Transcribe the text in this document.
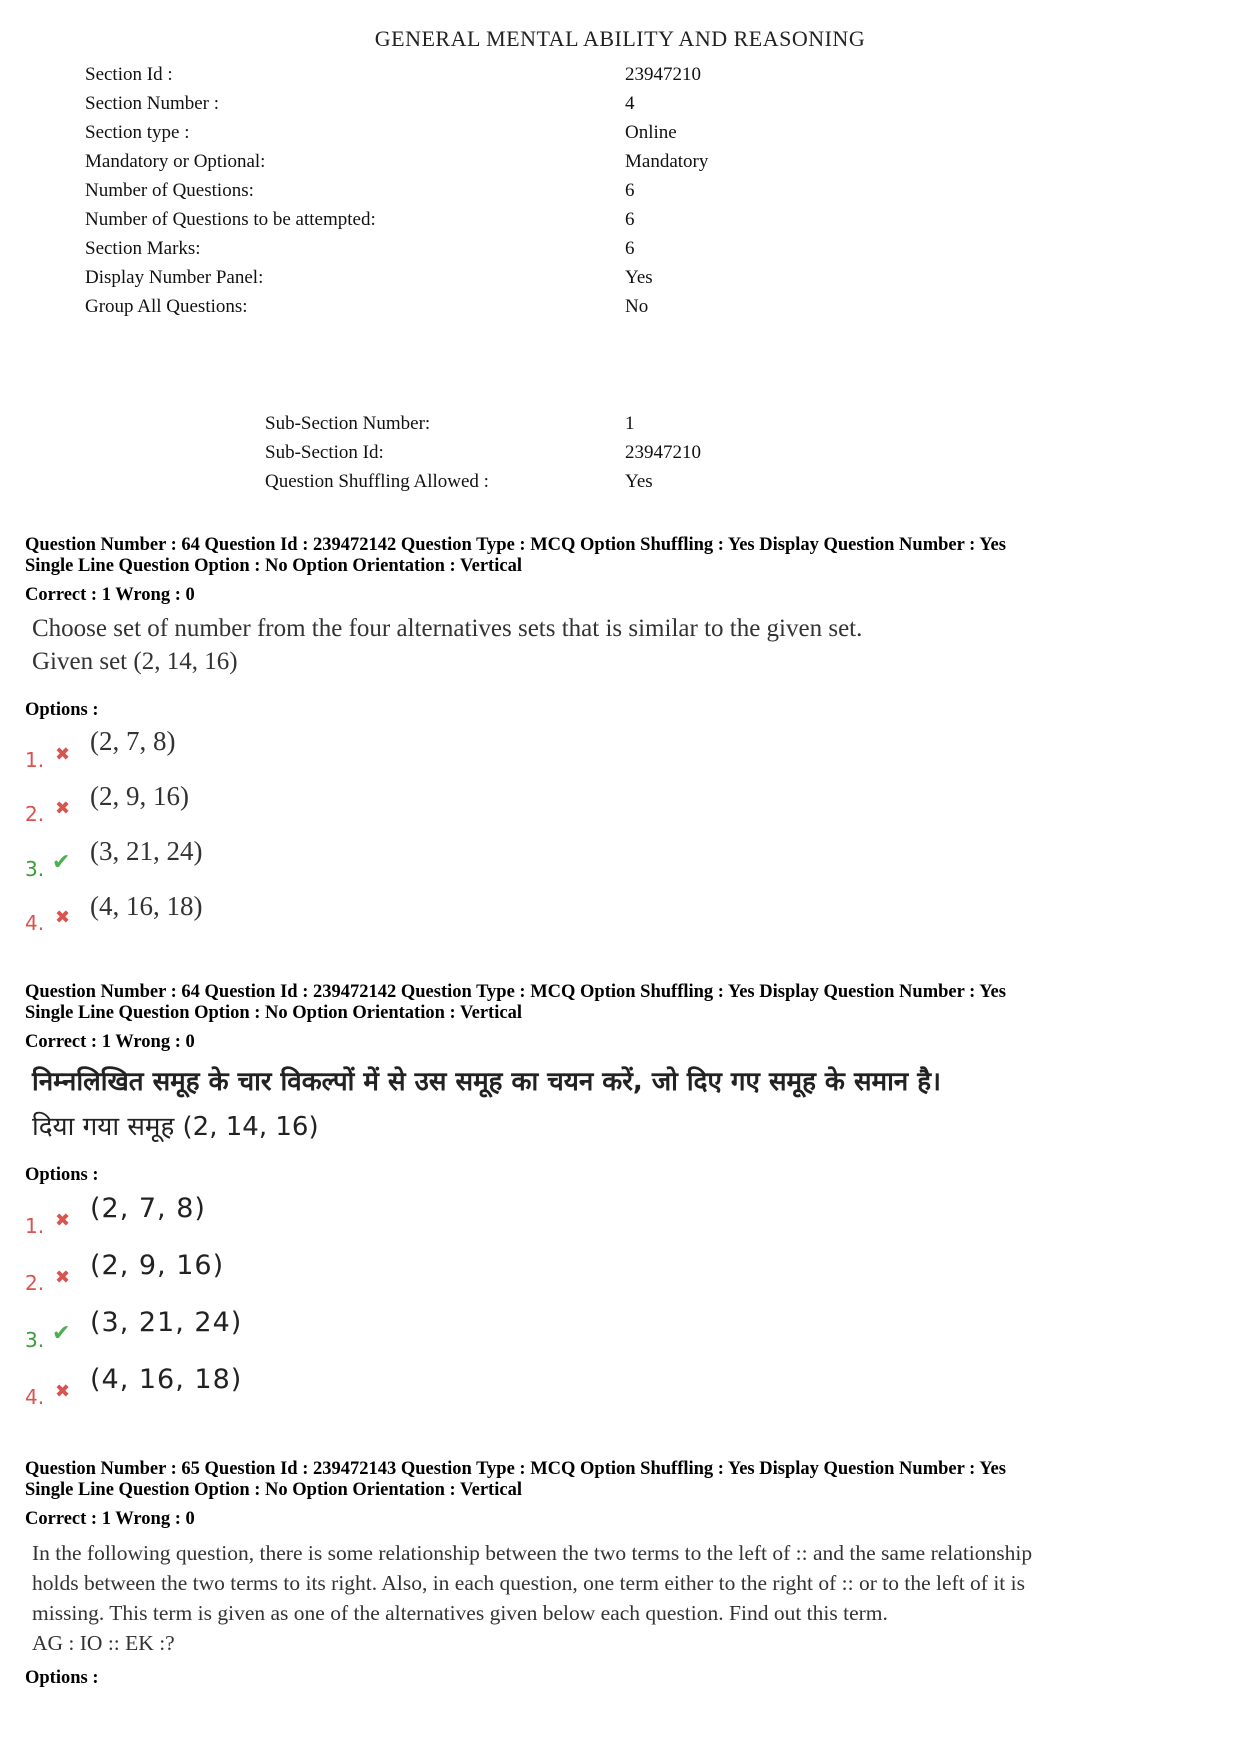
GENERAL MENTAL ABILITY AND REASONING
Section Id :	23947210
Section Number :	4
Section type :	Online
Mandatory or Optional:	Mandatory
Number of Questions:	6
Number of Questions to be attempted:	6
Section Marks:	6
Display Number Panel:	Yes
Group All Questions:	No
Sub-Section Number:	1
Sub-Section Id:	23947210
Question Shuffling Allowed :	Yes
Question Number : 64 Question Id : 239472142 Question Type : MCQ Option Shuffling : Yes Display Question Number : Yes
Single Line Question Option : No Option Orientation : Vertical
Correct : 1 Wrong : 0
Choose set of number from the four alternatives sets that is similar to the given set.
Given set (2, 14, 16)
Options :
1. ✖ (2, 7, 8)
2. ✖ (2, 9, 16)
3. ✔ (3, 21, 24)
4. ✖ (4, 16, 18)
Question Number : 64 Question Id : 239472142 Question Type : MCQ Option Shuffling : Yes Display Question Number : Yes
Single Line Question Option : No Option Orientation : Vertical
Correct : 1 Wrong : 0
निम्नलिखित समूह के चार विकल्पों में से उस समूह का चयन करें, जो दिए गए समूह के समान है।
दिया गया समूह (2, 14, 16)
Options :
1. ✖ (2, 7, 8)
2. ✖ (2, 9, 16)
3. ✔ (3, 21, 24)
4. ✖ (4, 16, 18)
Question Number : 65 Question Id : 239472143 Question Type : MCQ Option Shuffling : Yes Display Question Number : Yes
Single Line Question Option : No Option Orientation : Vertical
Correct : 1 Wrong : 0
In the following question, there is some relationship between the two terms to the left of :: and the same relationship
holds between the two terms to its right. Also, in each question, one term either to the right of :: or to the left of it is
missing. This term is given as one of the alternatives given below each question. Find out this term.
AG : IO :: EK :?
Options :
